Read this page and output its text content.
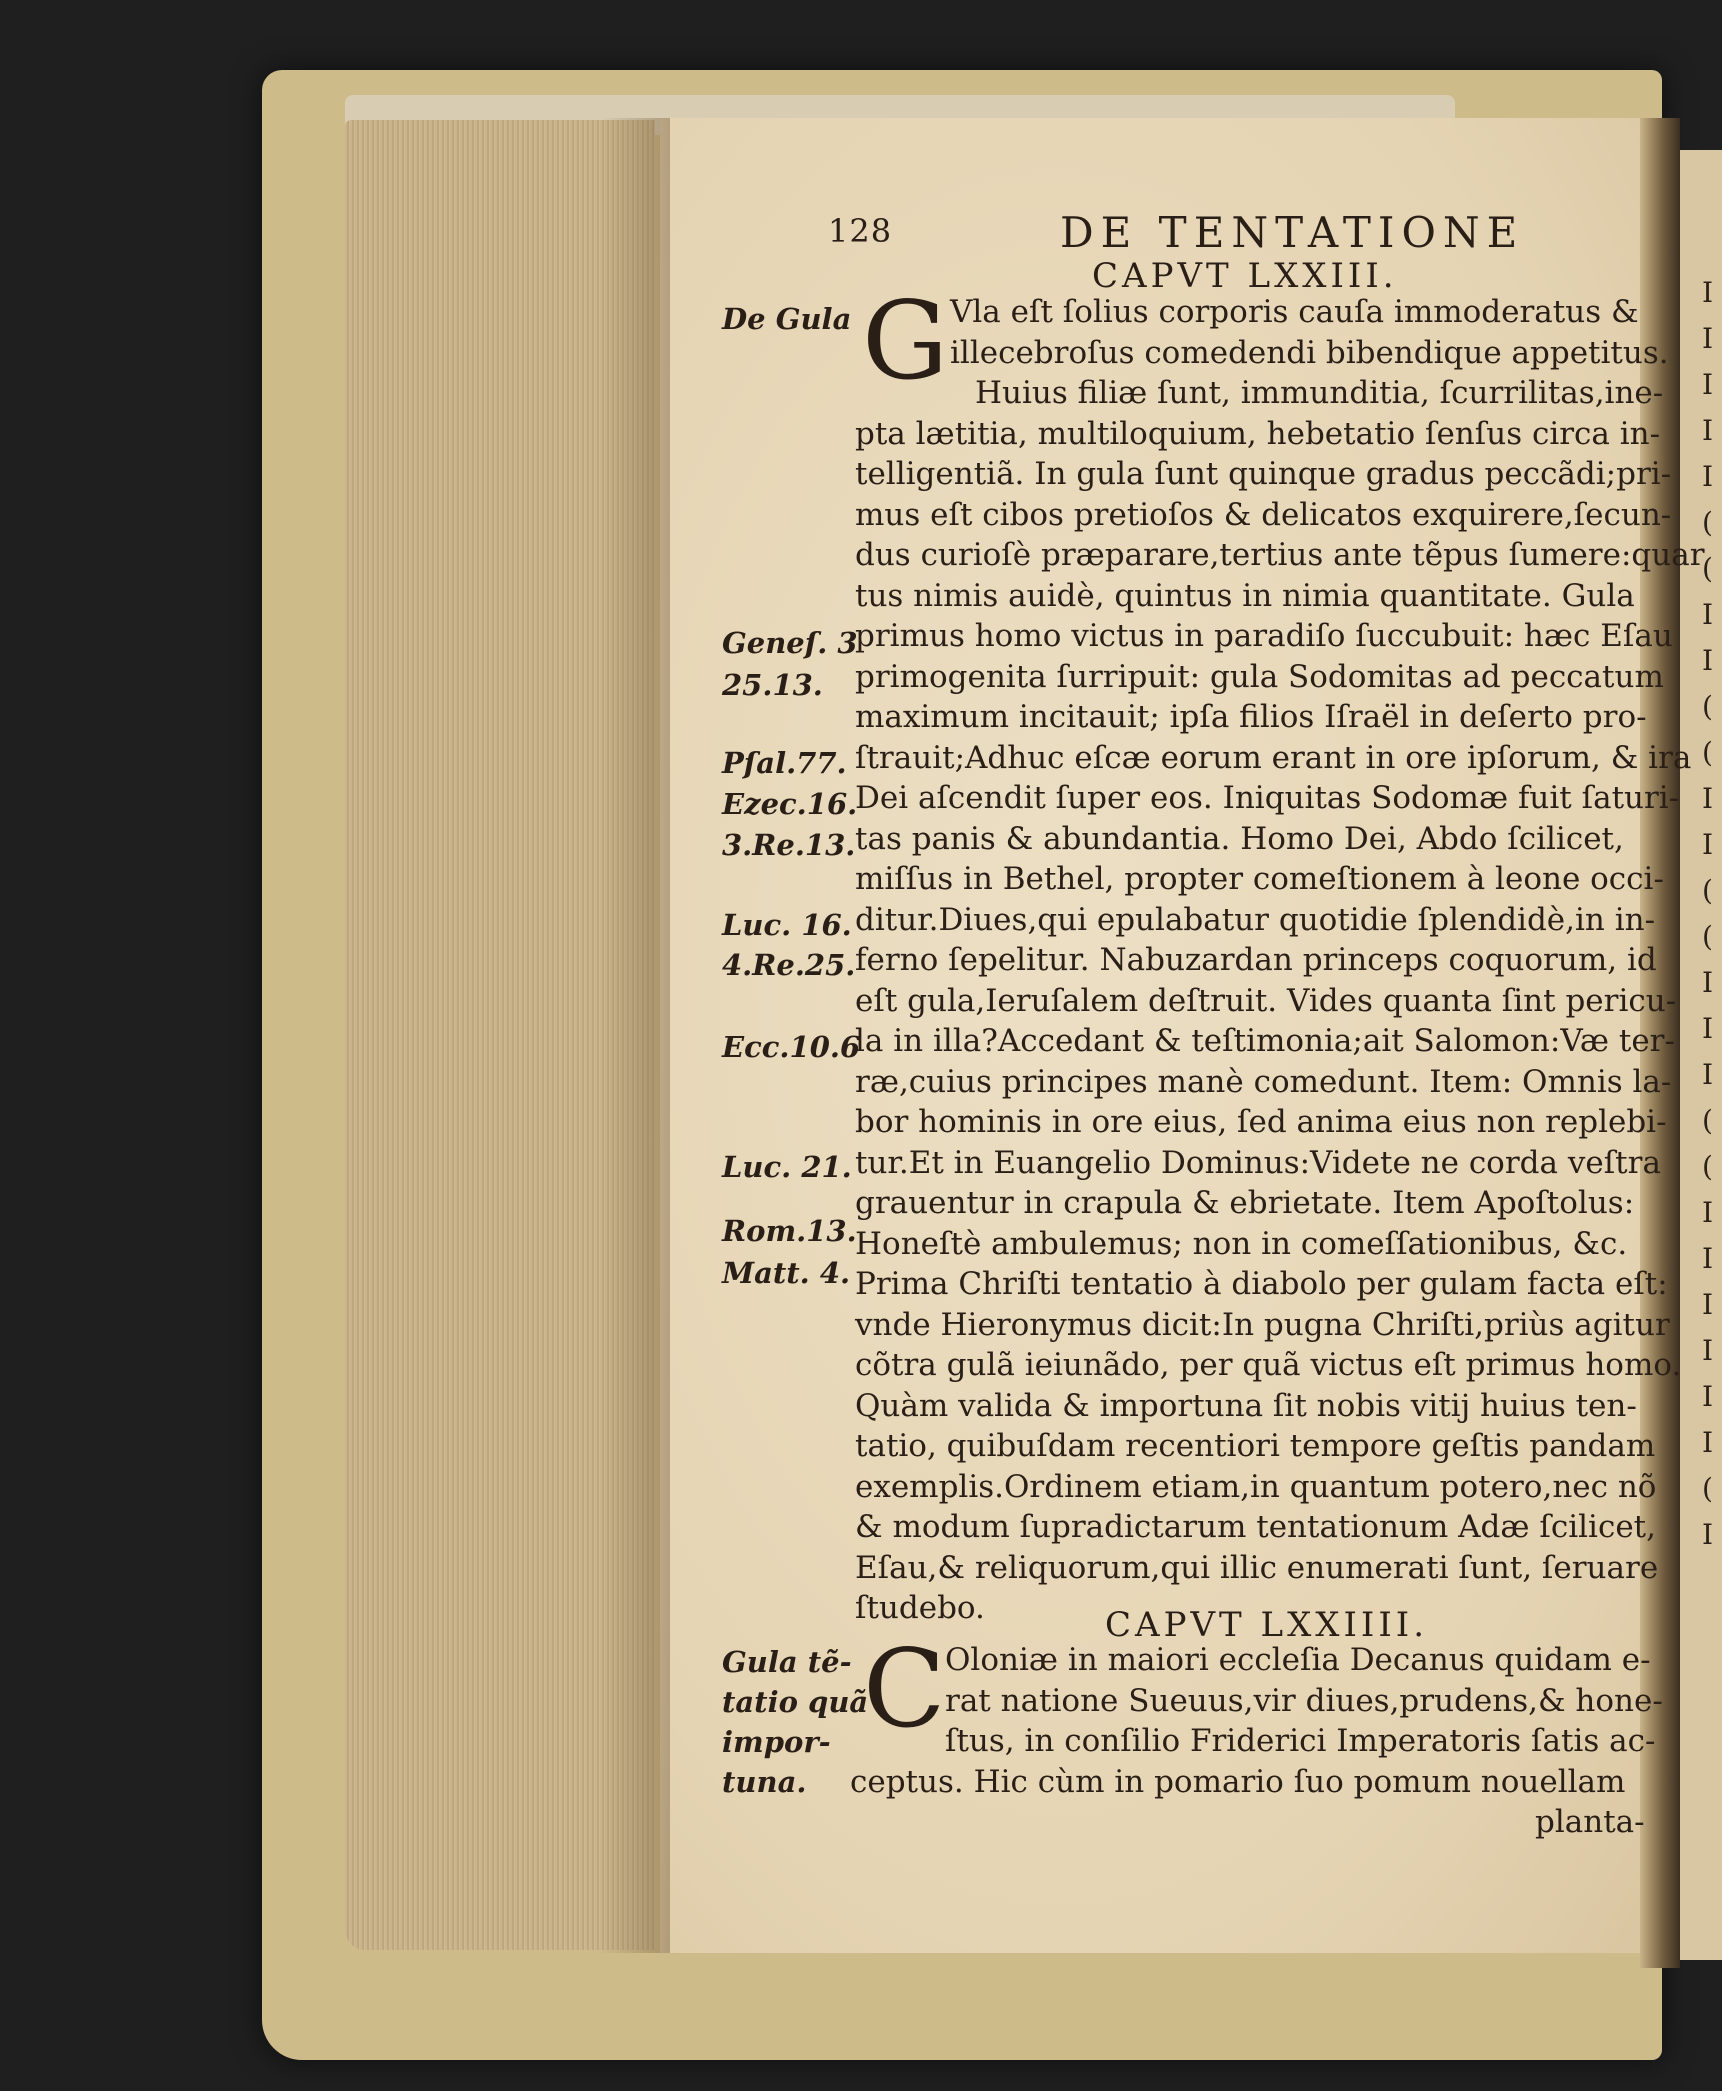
I
I
I
I
I
(
(
I
I
(
(
I
I
(
(
I
I
I
(
(
I
I
I
I
I
I
(
I
128	DE TENTATIONE
CAPVT LXXIII.
G Vla eſt ſolius corporis cauſa immoderatus &
illecebroſus comedendi bibendique appetitus.
Huius filiæ ſunt, immunditia, ſcurrilitas,ine-
pta lætitia, multiloquium, hebetatio ſenſus circa in-
telligentiã. In gula ſunt quinque gradus peccãdi;pri-
mus eſt cibos pretioſos & delicatos exquirere,ſecun-
dus curioſè præparare,tertius ante tẽpus ſumere:quar
tus nimis auidè, quintus in nimia quantitate. Gula
primus homo victus in paradiſo ſuccubuit: hæc Eſau
primogenita ſurripuit: gula Sodomitas ad peccatum
maximum incitauit; ipſa filios Iſraël in deſerto pro-
ſtrauit;Adhuc eſcæ eorum erant in ore ipſorum, & ira
Dei aſcendit ſuper eos. Iniquitas Sodomæ fuit ſaturi-
tas panis & abundantia. Homo Dei, Abdo ſcilicet,
miſſus in Bethel, propter comeſtionem à leone occi-
ditur.Diues,qui epulabatur quotidie ſplendidè,in in-
ferno ſepelitur. Nabuzardan princeps coquorum, id
eſt gula,Ieruſalem deſtruit. Vides quanta ſint pericu-
la in illa?Accedant & teſtimonia;ait Salomon:Væ ter-
ræ,cuius principes manè comedunt. Item: Omnis la-
bor hominis in ore eius, ſed anima eius non replebi-
tur.Et in Euangelio Dominus:Videte ne corda veſtra
grauentur in crapula & ebrietate. Item Apoſtolus:
Honeſtè ambulemus; non in comeſſationibus, &c.
Prima Chriſti tentatio à diabolo per gulam facta eſt:
vnde Hieronymus dicit:In pugna Chriſti,priùs agitur
cõtra gulã ieiunãdo, per quã victus eſt primus homo.
Quàm valida & importuna ſit nobis vitij huius ten-
tatio, quibuſdam recentiori tempore geſtis pandam
exemplis.Ordinem etiam,in quantum potero,nec nõ
& modum ſupradictarum tentationum Adæ ſcilicet,
Eſau,& reliquorum,qui illic enumerati ſunt, ſeruare
ſtudebo.	CAPVT LXXIIII.
C Oloniæ in maiori eccleſia Decanus quidam e-
rat natione Sueuus,vir diues,prudens,& hone-
ſtus, in conſilio Friderici Imperatoris ſatis ac-
ceptus. Hic cùm in pomario ſuo pomum nouellam
planta-
De Gula
Geneſ. 3
25.13.
Pſal.77.
Ezec.16.
3.Re.13.
Luc. 16.
4.Re.25.
Ecc.10.6
Luc. 21.
Rom.13.
Matt. 4.
Gula tẽ-
tatio quã
impor-
tuna.
